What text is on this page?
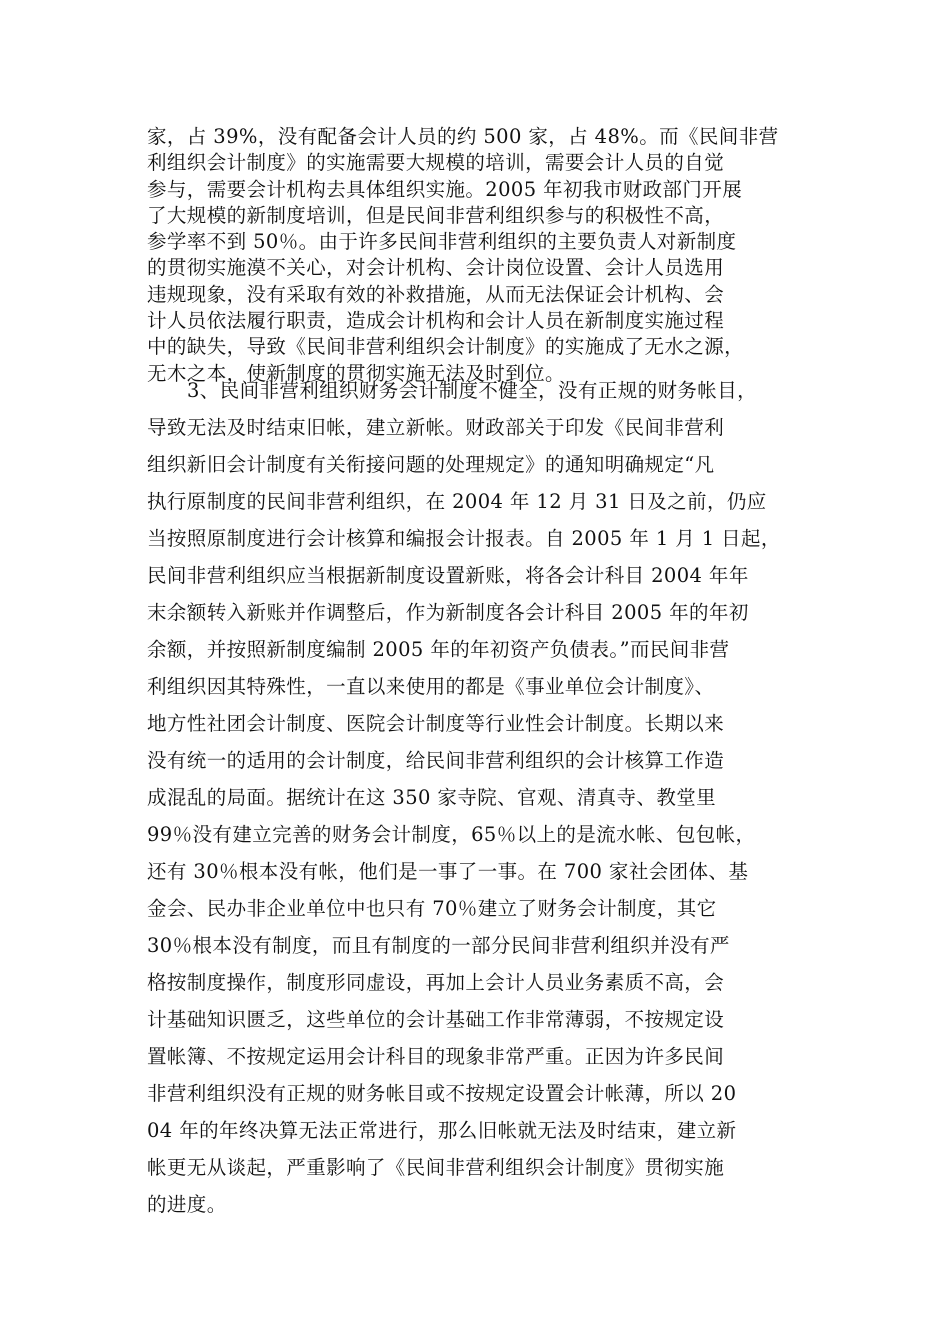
家，占 39%，没有配备会计人员的约 500 家，占 48%。而《民间非营
利组织会计制度》的实施需要大规模的培训，需要会计人员的自觉
参与，需要会计机构去具体组织实施。2005 年初我市财政部门开展
了大规模的新制度培训，但是民间非营利组织参与的积极性不高，
参学率不到 50％。由于许多民间非营利组织的主要负责人对新制度
的贯彻实施漠不关心，对会计机构、会计岗位设置、会计人员选用
违规现象，没有采取有效的补救措施，从而无法保证会计机构、会
计人员依法履行职责，造成会计机构和会计人员在新制度实施过程
中的缺失，导致《民间非营利组织会计制度》的实施成了无水之源，
无木之本，使新制度的贯彻实施无法及时到位。
3、民间非营利组织财务会计制度不健全，没有正规的财务帐目，
导致无法及时结束旧帐，建立新帐。财政部关于印发《民间非营利
组织新旧会计制度有关衔接问题的处理规定》的通知明确规定“凡
执行原制度的民间非营利组织，在 2004 年 12 月 31 日及之前，仍应
当按照原制度进行会计核算和编报会计报表。自 2005 年 1 月 1 日起，
民间非营利组织应当根据新制度设置新账，将各会计科目 2004 年年
末余额转入新账并作调整后，作为新制度各会计科目 2005 年的年初
余额，并按照新制度编制 2005 年的年初资产负债表。”而民间非营
利组织因其特殊性，一直以来使用的都是《事业单位会计制度》、
地方性社团会计制度、医院会计制度等行业性会计制度。长期以来
没有统一的适用的会计制度，给民间非营利组织的会计核算工作造
成混乱的局面。据统计在这 350 家寺院、官观、清真寺、教堂里
99％没有建立完善的财务会计制度，65％以上的是流水帐、包包帐，
还有 30％根本没有帐，他们是一事了一事。在 700 家社会团体、基
金会、民办非企业单位中也只有 70％建立了财务会计制度，其它
30％根本没有制度，而且有制度的一部分民间非营利组织并没有严
格按制度操作，制度形同虚设，再加上会计人员业务素质不高，会
计基础知识匮乏，这些单位的会计基础工作非常薄弱，不按规定设
置帐簿、不按规定运用会计科目的现象非常严重。正因为许多民间
非营利组织没有正规的财务帐目或不按规定设置会计帐薄，所以 20
04 年的年终决算无法正常进行，那么旧帐就无法及时结束，建立新
帐更无从谈起，严重影响了《民间非营利组织会计制度》贯彻实施
的进度。
